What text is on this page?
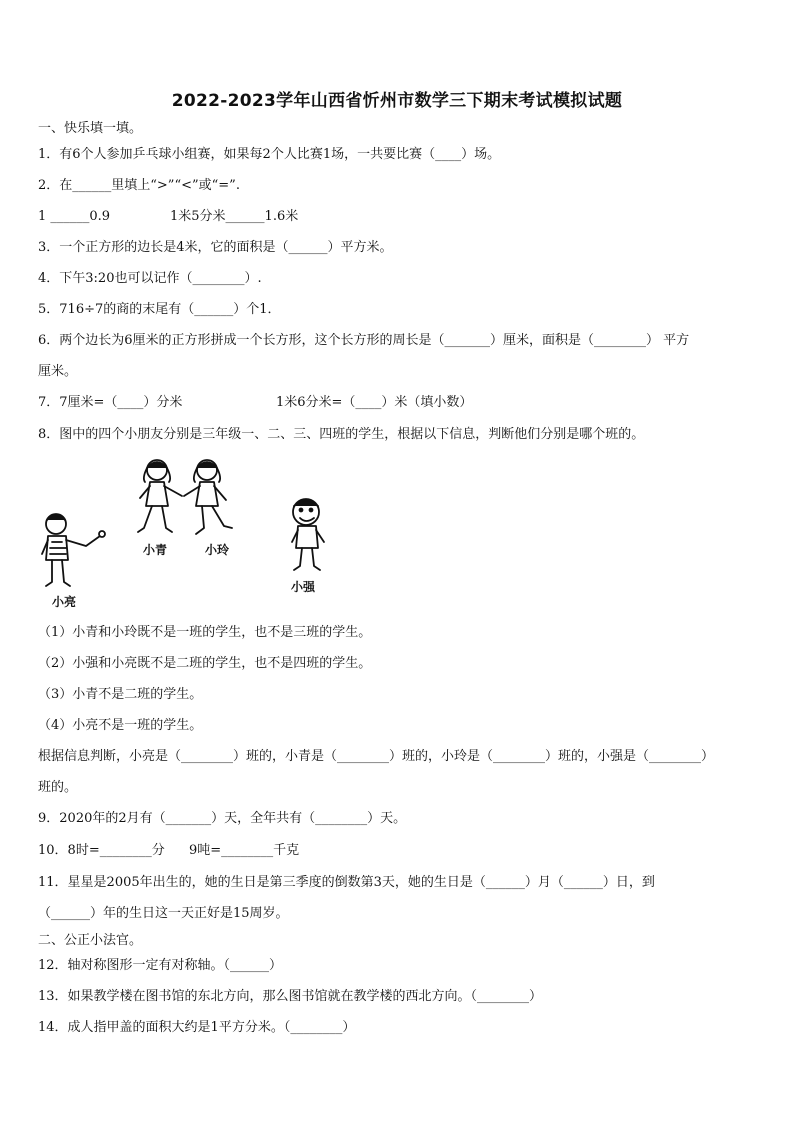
2022-2023学年山西省忻州市数学三下期末考试模拟试题
一、快乐填一填。
1．有6个人参加乒乓球小组赛，如果每2个人比赛1场，一共要比赛（____）场。
2．在______里填上“>”“<”或“=”.
1 ______0.9	1米5分米______1.6米
3．一个正方形的边长是4米，它的面积是（______）平方米。
4．下午3:20也可以记作（________）.
5．716÷7的商的末尾有（______）个1．
6．两个边长为6厘米的正方形拼成一个长方形，这个长方形的周长是（_______）厘米，面积是（________） 平方
厘米。
7．7厘米=（____）分米	1米6分米=（____）米（填小数）
8．图中的四个小朋友分别是三年级一、二、三、四班的学生，根据以下信息，判断他们分别是哪个班的。
小青	小玲
小亮
小强
（1）小青和小玲既不是一班的学生，也不是三班的学生。
（2）小强和小亮既不是二班的学生，也不是四班的学生。
（3）小青不是二班的学生。
（4）小亮不是一班的学生。
根据信息判断，小亮是（________）班的，小青是（________）班的，小玲是（________）班的，小强是（________）
班的。
9．2020年的2月有（_______）天，全年共有（________）天。
10．8时=________分 9吨=________千克
11．星星是2005年出生的，她的生日是第三季度的倒数第3天，她的生日是（______）月（______）日，到
（______）年的生日这一天正好是15周岁。
二、公正小法官。
12．轴对称图形一定有对称轴。（______）
13．如果教学楼在图书馆的东北方向，那么图书馆就在教学楼的西北方向。（________）
14．成人指甲盖的面积大约是1平方分米。（________）
